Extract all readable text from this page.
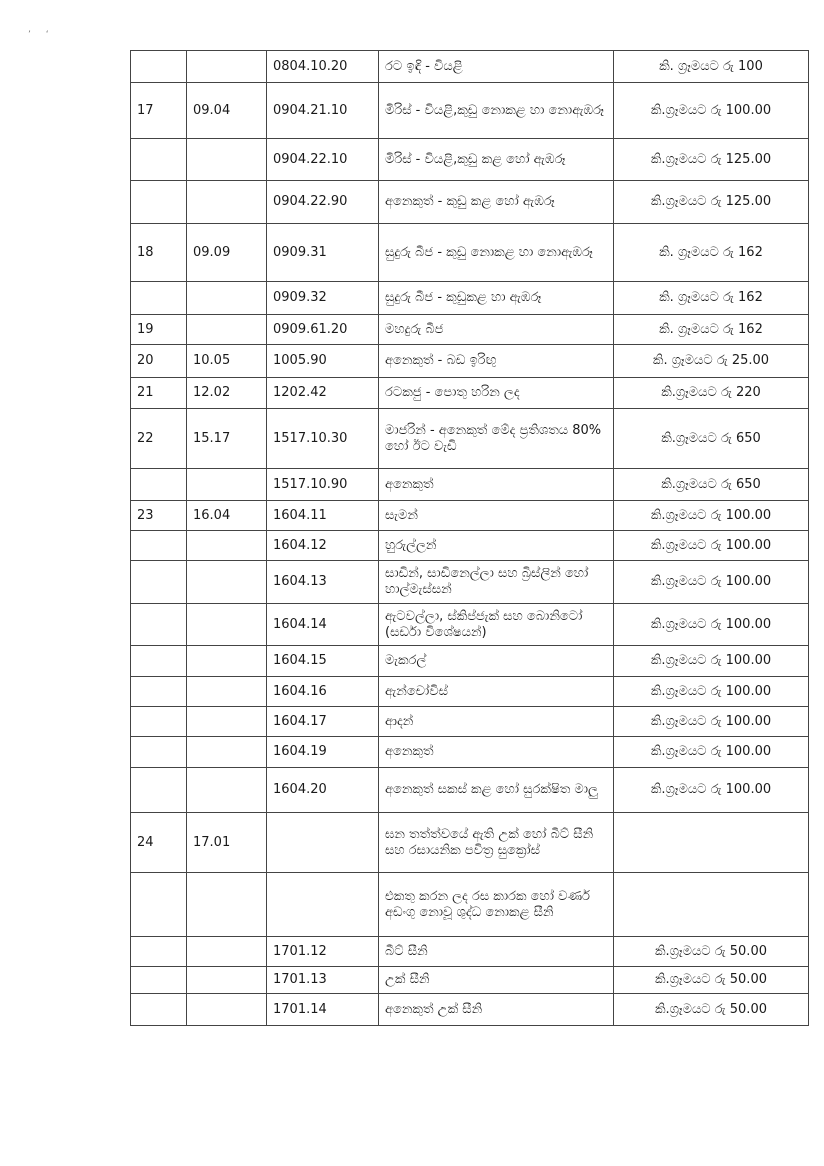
ʼ ʻ
		0804.10.20	රට ඉඳි - වියළි	කි. ග්‍රෑමයට රු 100
17	09.04	0904.21.10	මිරිස් - වියළි,කුඩු නොකළ හා නොඇඹරූ	කි.ග්‍රෑමයට රු 100.00
		0904.22.10	මිරිස් - වියළි,කුඩු කළ හෝ ඇඹරූ	කි.ග්‍රෑමයට රු 125.00
		0904.22.90	අනෙකුත් - කුඩු කළ හෝ ඇඹරූ	කි.ග්‍රෑමයට රු 125.00
18	09.09	0909.31	සුදුරු බීජ - කුඩු නොකළ හා නොඇඹරූ	කි. ග්‍රෑමයට රු 162
		0909.32	සුදුරු බීජ - කුඩුකළ හා ඇඹරූ	කි. ග්‍රෑමයට රු 162
19		0909.61.20	මහදුරු බීජ	කි. ග්‍රෑමයට රු 162
20	10.05	1005.90	අනෙකුත් - බඩ ඉරිඟු	කි. ග්‍රෑමයට රු 25.00
21	12.02	1202.42	රටකජු - පොතු හරින ලද	කි.ග්‍රෑමයට රු 220
22	15.17	1517.10.30	මාජරින් - අනෙකුත් මේද ප්‍රතිශතය 80% හෝ ඊට වැඩි	කි.ග්‍රෑමයට රු 650
		1517.10.90	අනෙකුත්	කි.ග්‍රෑමයට රු 650
23	16.04	1604.11	සැමන්	කි.ග්‍රෑමයට රු 100.00
		1604.12	හුරුල්ලන්	කි.ග්‍රෑමයට රු 100.00
		1604.13	සාඩින්, සාඩිනෙල්ලා සහ බ්‍රිස්ලින් හෝ හාල්මැස්සන්	කි.ග්‍රෑමයට රු 100.00
		1604.14	ඇටවල්ලා, ස්කිප්ජැක් සහ බොනිටෝ (සර්ඩා විශේෂයන්)	කි.ග්‍රෑමයට රු 100.00
		1604.15	මැකරල්	කි.ග්‍රෑමයට රු 100.00
		1604.16	ඇන්චෝවිස්	කි.ග්‍රෑමයට රු 100.00
		1604.17	ආදන්	කි.ග්‍රෑමයට රු 100.00
		1604.19	අනෙකුත්	කි.ග්‍රෑමයට රු 100.00
		1604.20	අනෙකුත් සකස් කළ හෝ සුරක්ෂිත මාලු	කි.ග්‍රෑමයට රු 100.00
24	17.01		ඝන තත්ත්වයේ ඇති උක් හෝ බීට් සීනි සහ රසායනික පවිත්‍ර සුක්‍රෝස්	
			එකතු කරන ලද රස කාරක හෝ වර්ණ අඩංගු නොවූ ශුද්ධ නොකළ සීනි	
		1701.12	බීට් සීනි	කි.ග්‍රෑමයට රු 50.00
		1701.13	උක් සීනි	කි.ග්‍රෑමයට රු 50.00
		1701.14	අනෙකුත් උක් සීනි	කි.ග්‍රෑමයට රු 50.00
